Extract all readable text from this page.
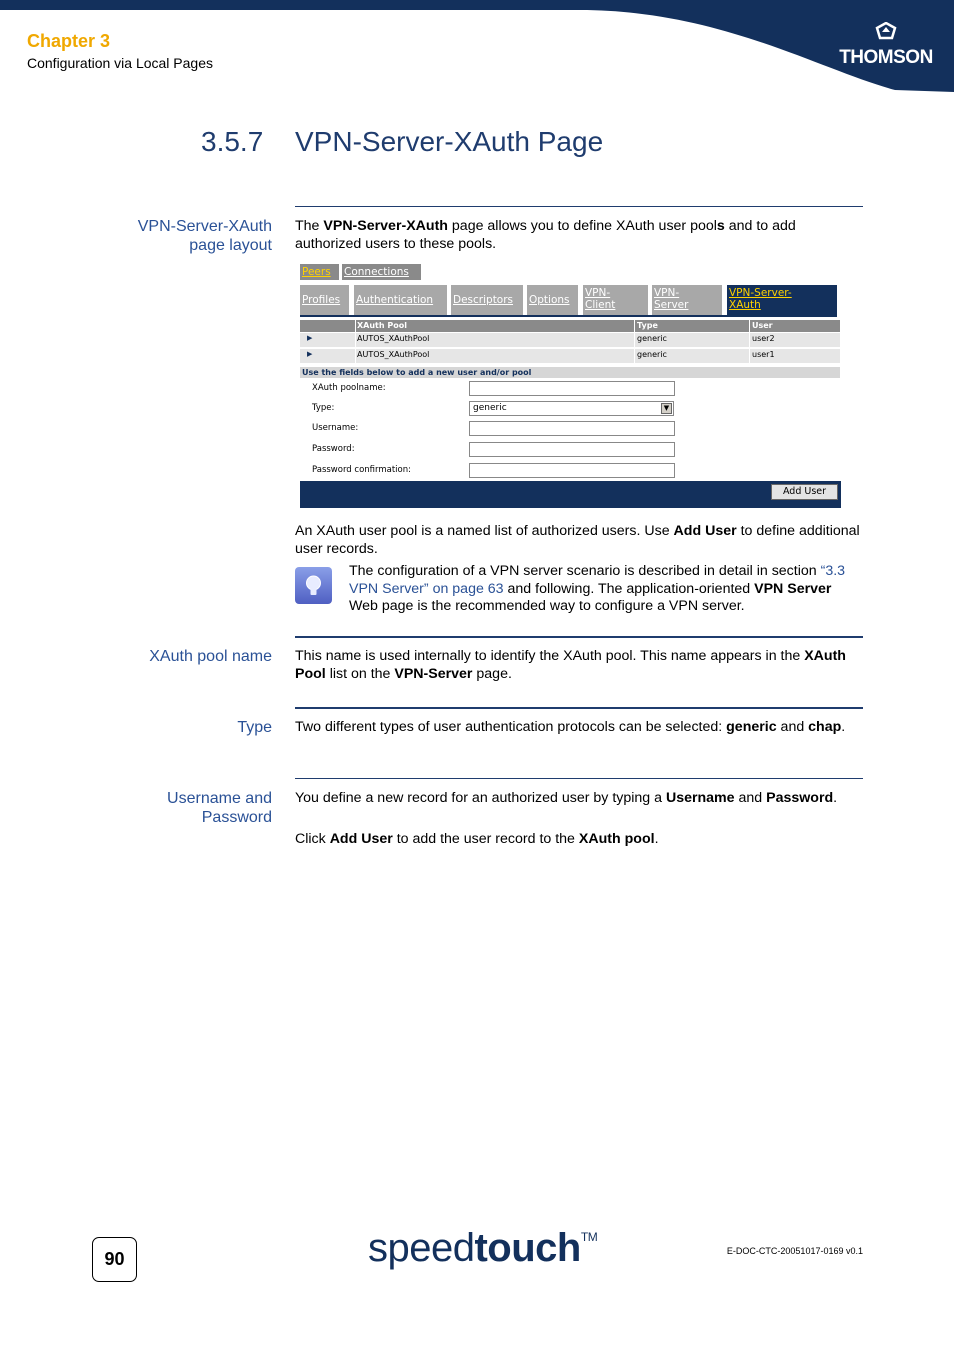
Chapter 3
Configuration via Local Pages	THOMSON
3.5.7 VPN-Server-XAuth Page
VPN-Server-XAuth
page layout
The VPN-Server-XAuth page allows you to define XAuth user pools and to add authorized users to these pools.
Peers	Connections
Profiles	Authentication	Descriptors	Options
VPN-
Client
VPN-
Server
VPN-Server-
XAuth
XAuth Pool	Type	User
▶	AUTOS_XAuthPool	generic	user2
▶	AUTOS_XAuthPool	generic	user1
Use the fields below to add a new user and/or pool
XAuth poolname:
Type:	generic	▼
Username:
Password:
Password confirmation:
Add User
An XAuth user pool is a named list of authorized users. Use Add User to define additional user records.
The configuration of a VPN server scenario is described in detail in section “3.3 VPN Server” on page 63 and following. The application-oriented VPN Server Web page is the recommended way to configure a VPN server.
XAuth pool name This name is used internally to identify the XAuth pool. This name appears in the XAuth Pool list on the VPN-Server page.
Type Two different types of user authentication protocols can be selected: generic and chap.
Username and
Password
You define a new record for an authorized user by typing a Username and Password.
Click Add User to add the user record to the XAuth pool.
90	speedtouch™
E-DOC-CTC-20051017-0169 v0.1
